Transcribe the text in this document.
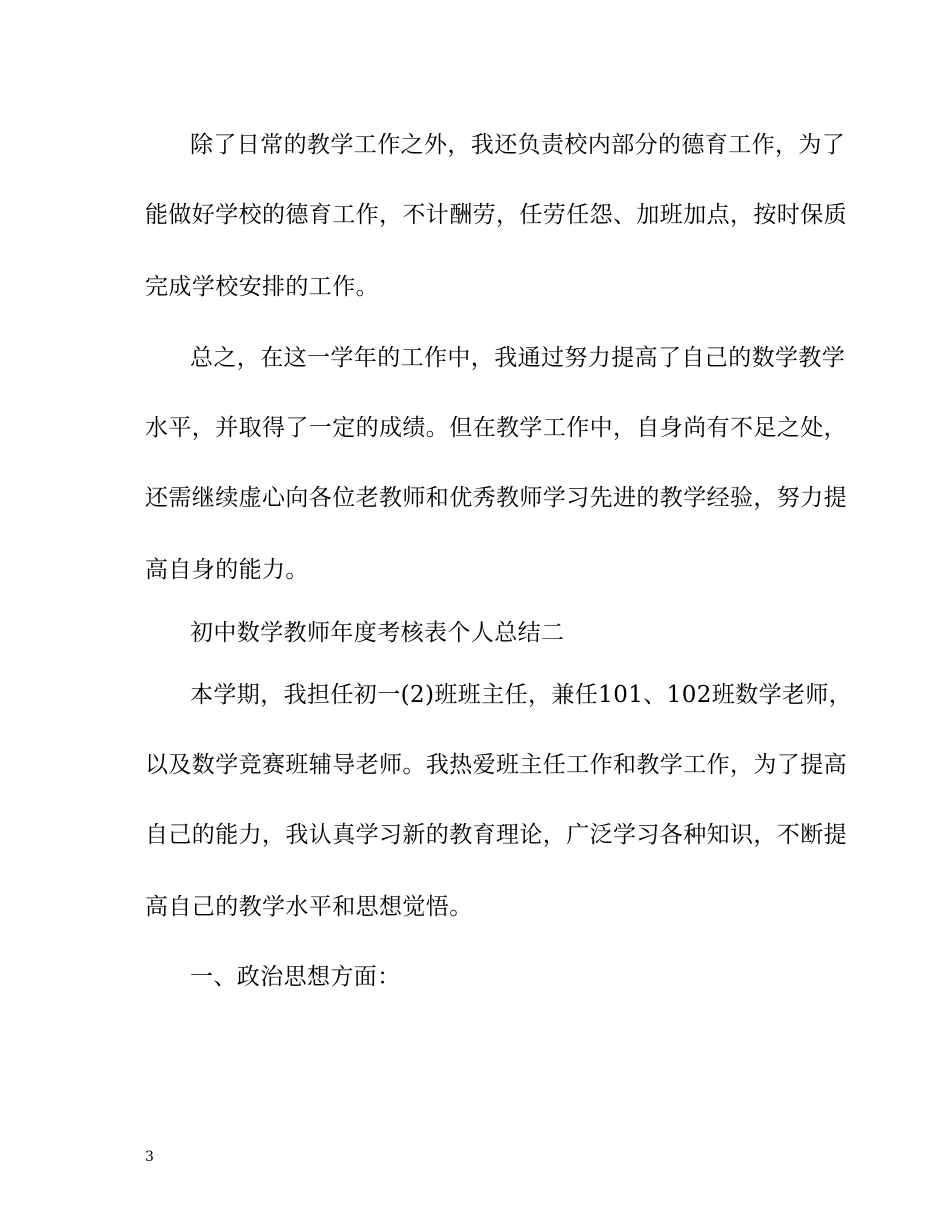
除了日常的教学工作之外，我还负责校内部分的德育工作，为了
能做好学校的德育工作，不计酬劳，任劳任怨、加班加点，按时保质
完成学校安排的工作。
总之，在这一学年的工作中，我通过努力提高了自己的数学教学
水平，并取得了一定的成绩。但在教学工作中，自身尚有不足之处，
还需继续虚心向各位老教师和优秀教师学习先进的教学经验，努力提
高自身的能力。
初中数学教师年度考核表个人总结二
本学期，我担任初一(2)班班主任，兼任101、102班数学老师，
以及数学竞赛班辅导老师。我热爱班主任工作和教学工作，为了提高
自己的能力，我认真学习新的教育理论，广泛学习各种知识，不断提
高自己的教学水平和思想觉悟。
一、政治思想方面：
3
